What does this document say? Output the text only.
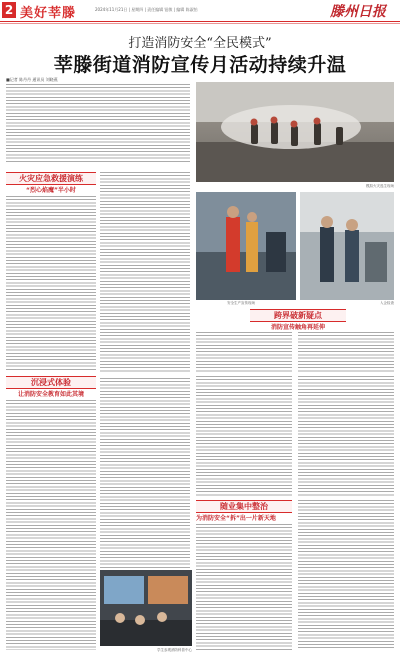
2 美好莘滕	2024年11月21日 | 星期四 | 责任编辑 钮敏 | 编辑 陈淑怡	滕州日报
打造消防安全“全民模式”
莘滕街道消防宣传月活动持续升温
■记者 陈丹丹 通讯员 刘晓燕
模拟火灾逃生现场
火灾应急救援演练
“烈心焰魔”半小时
安全生产宣传现场	入企检查
沉浸式体验
让消防安全教育如此其境
学生参观消防科普中心
跨界破新疑点
消防宣传触角再延伸
随业集中整治
为消防安全“拆”出一片新天地
